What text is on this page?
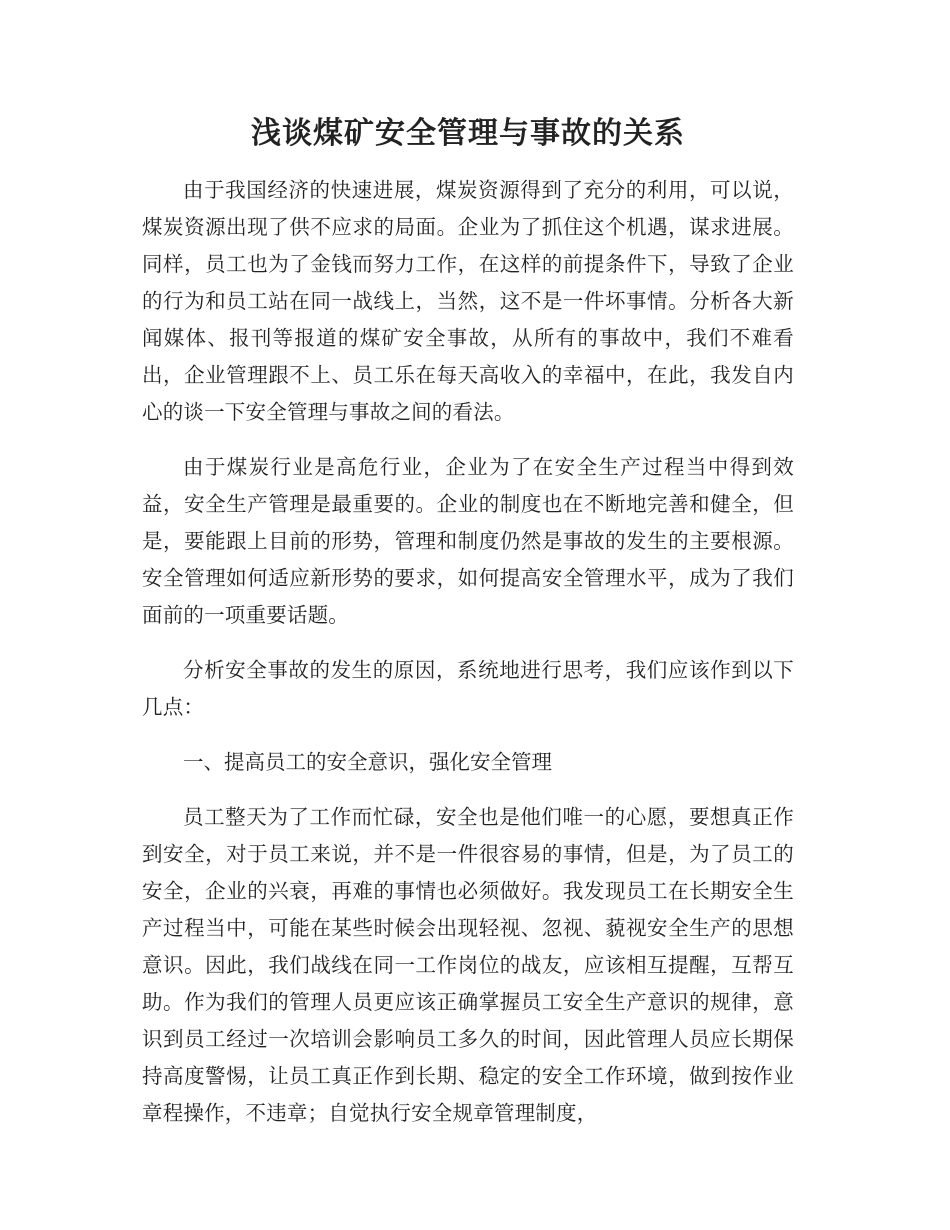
浅谈煤矿安全管理与事故的关系

由于我国经济的快速进展，煤炭资源得到了充分的利用，可以说，煤炭资源出现了供不应求的局面。企业为了抓住这个机遇，谋求进展。同样，员工也为了金钱而努力工作，在这样的前提条件下，导致了企业的行为和员工站在同一战线上，当然，这不是一件坏事情。分析各大新闻媒体、报刊等报道的煤矿安全事故，从所有的事故中，我们不难看出，企业管理跟不上、员工乐在每天高收入的幸福中，在此，我发自内心的谈一下安全管理与事故之间的看法。

由于煤炭行业是高危行业，企业为了在安全生产过程当中得到效益，安全生产管理是最重要的。企业的制度也在不断地完善和健全，但是，要能跟上目前的形势，管理和制度仍然是事故的发生的主要根源。安全管理如何适应新形势的要求，如何提高安全管理水平，成为了我们面前的一项重要话题。

分析安全事故的发生的原因，系统地进行思考，我们应该作到以下几点：

一、提高员工的安全意识，强化安全管理

员工整天为了工作而忙碌，安全也是他们唯一的心愿，要想真正作到安全，对于员工来说，并不是一件很容易的事情，但是，为了员工的安全，企业的兴衰，再难的事情也必须做好。我发现员工在长期安全生产过程当中，可能在某些时候会出现轻视、忽视、藐视安全生产的思想意识。因此，我们战线在同一工作岗位的战友，应该相互提醒，互帮互助。作为我们的管理人员更应该正确掌握员工安全生产意识的规律，意识到员工经过一次培训会影响员工多久的时间，因此管理人员应长期保持高度警惕，让员工真正作到长期、稳定的安全工作环境，做到按作业章程操作，不违章；自觉执行安全规章管理制度，
